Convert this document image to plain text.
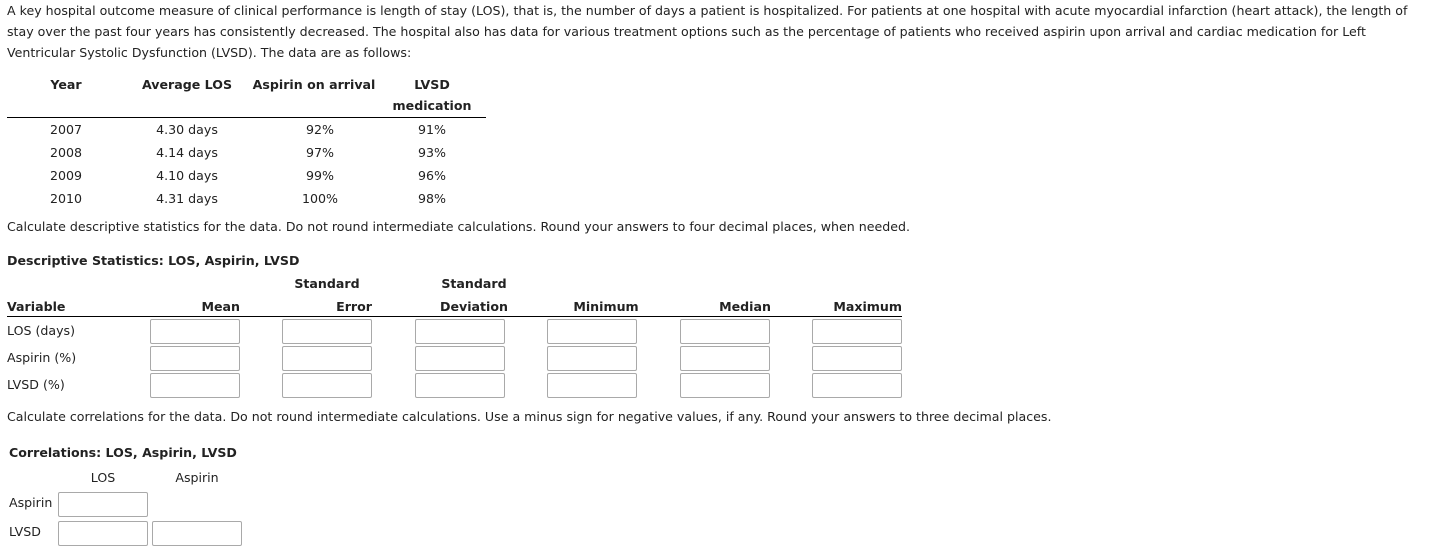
A key hospital outcome measure of clinical performance is length of stay (LOS), that is, the number of days a patient is hospitalized. For patients at one hospital with acute myocardial infarction (heart attack), the length of stay over the past four years has consistently decreased. The hospital also has data for various treatment options such as the percentage of patients who received aspirin upon arrival and cardiac medication for Left Ventricular Systolic Dysfunction (LVSD). The data are as follows:
Year	Average LOS	Aspirin on arrival	LVSD
medication
2007	4.30 days	92%	91%
2008	4.14 days	97%	93%
2009	4.10 days	99%	96%
2010	4.31 days	100%	98%
Calculate descriptive statistics for the data. Do not round intermediate calculations. Round your answers to four decimal places, when needed.
Descriptive Statistics: LOS, Aspirin, LVSD
Standard	Standard
Variable	Mean	Error	Deviation	Minimum	Median	Maximum
LOS (days)
Aspirin (%)
LVSD (%)
Calculate correlations for the data. Do not round intermediate calculations. Use a minus sign for negative values, if any. Round your answers to three decimal places.
Correlations: LOS, Aspirin, LVSD
LOS	Aspirin
Aspirin
LVSD
